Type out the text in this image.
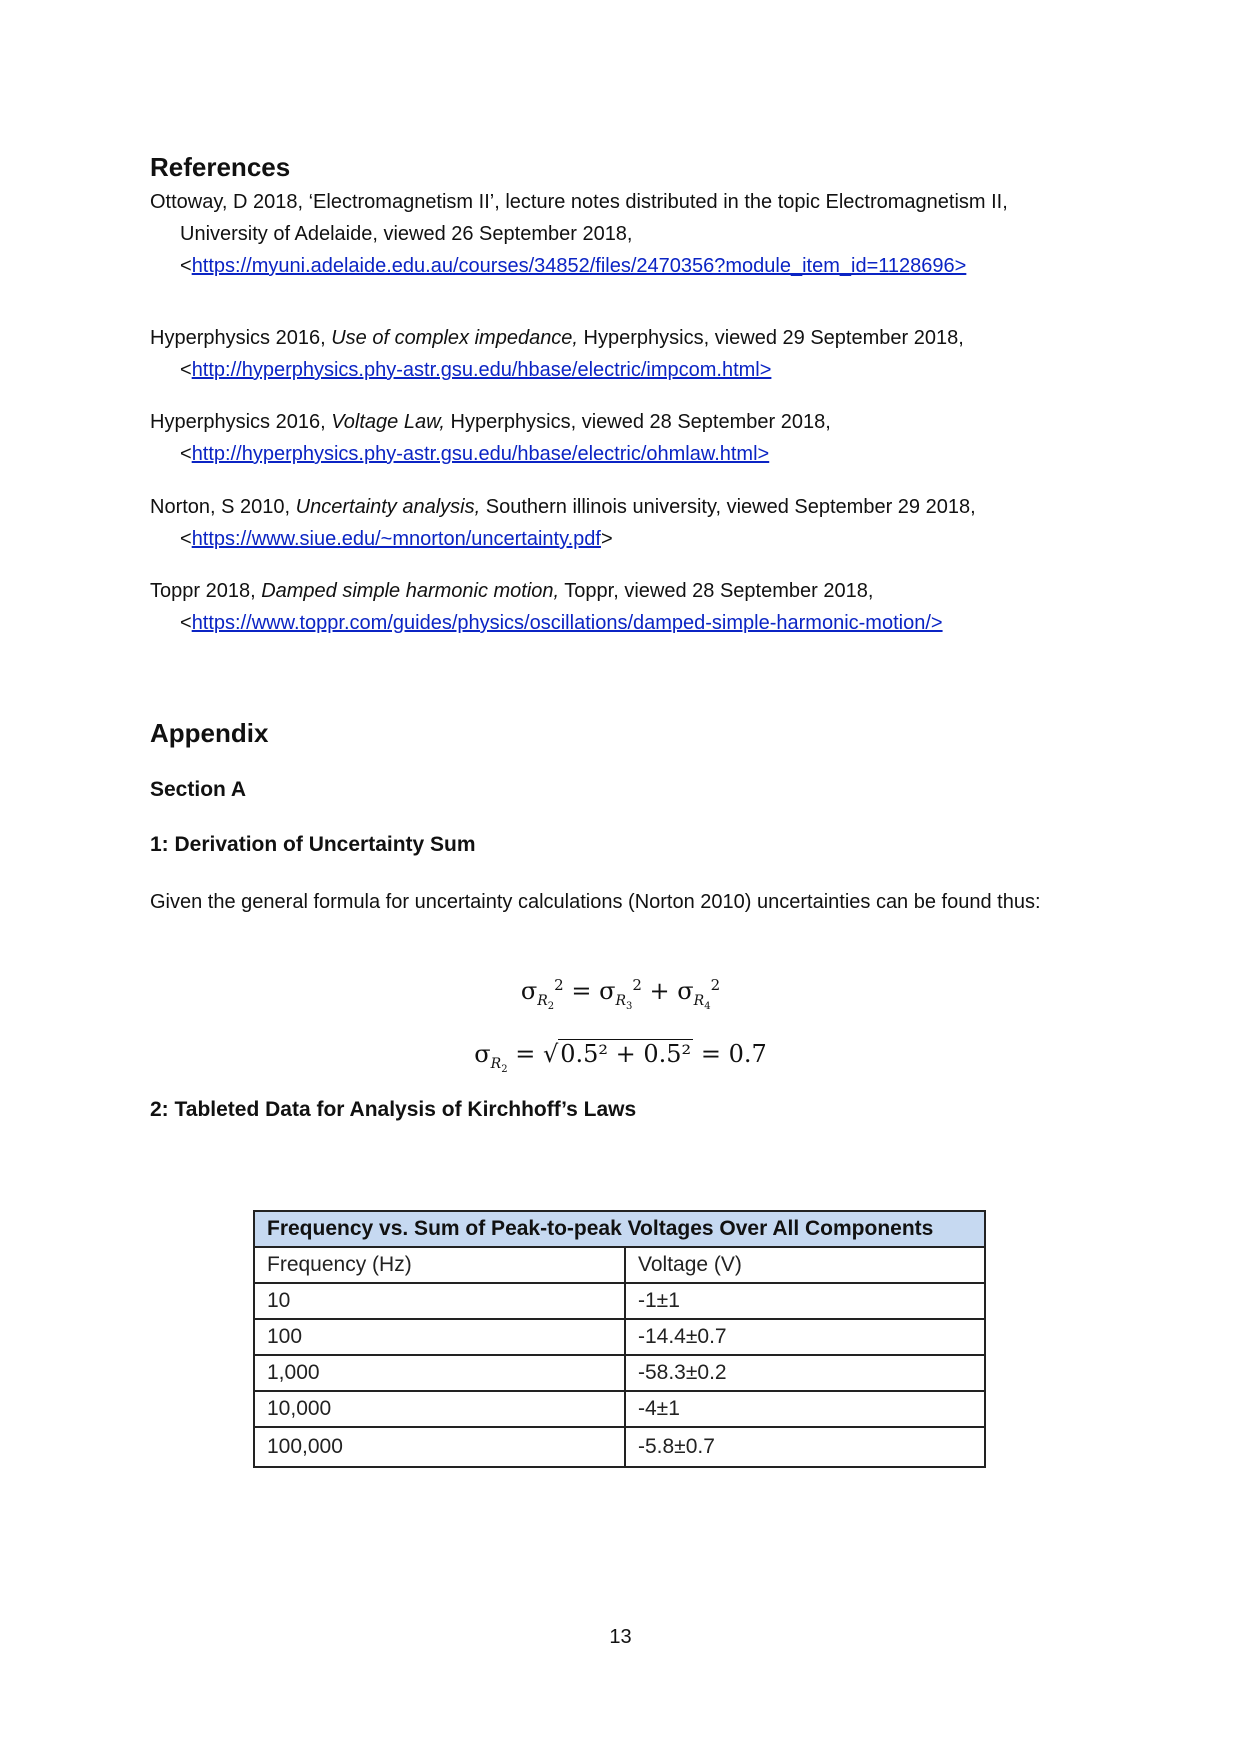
References
Ottoway, D 2018, ‘Electromagnetism II’, lecture notes distributed in the topic Electromagnetism II,
University of Adelaide, viewed 26 September 2018,
<https://myuni.adelaide.edu.au/courses/34852/files/2470356?module_item_id=1128696>
Hyperphysics 2016, Use of complex impedance, Hyperphysics, viewed 29 September 2018,
<http://hyperphysics.phy-astr.gsu.edu/hbase/electric/impcom.html>
Hyperphysics 2016, Voltage Law, Hyperphysics, viewed 28 September 2018,
<http://hyperphysics.phy-astr.gsu.edu/hbase/electric/ohmlaw.html>
Norton, S 2010, Uncertainty analysis, Southern illinois university, viewed September 29 2018,
<https://www.siue.edu/~mnorton/uncertainty.pdf>
Toppr 2018, Damped simple harmonic motion, Toppr, viewed 28 September 2018,
<https://www.toppr.com/guides/physics/oscillations/damped-simple-harmonic-motion/>
Appendix
Section A
1: Derivation of Uncertainty Sum
Given the general formula for uncertainty calculations (Norton 2010) uncertainties can be found thus:
$\sigma_{R_2}^2 = \sigma_{R_3}^2 + \sigma_{R_4}^2$
$\sigma_{R_2} = √0.5^2 + 0.5^2 = 0.7$
2: Tableted Data for Analysis of Kirchhoff’s Laws
Frequency vs. Sum of Peak-to-peak Voltages Over All Components	
Frequency (Hz)	Voltage (V)
10	-1±1
100	-14.4±0.7
1,000	-58.3±0.2
10,000	-4±1
100,000	-5.8±0.7
13
